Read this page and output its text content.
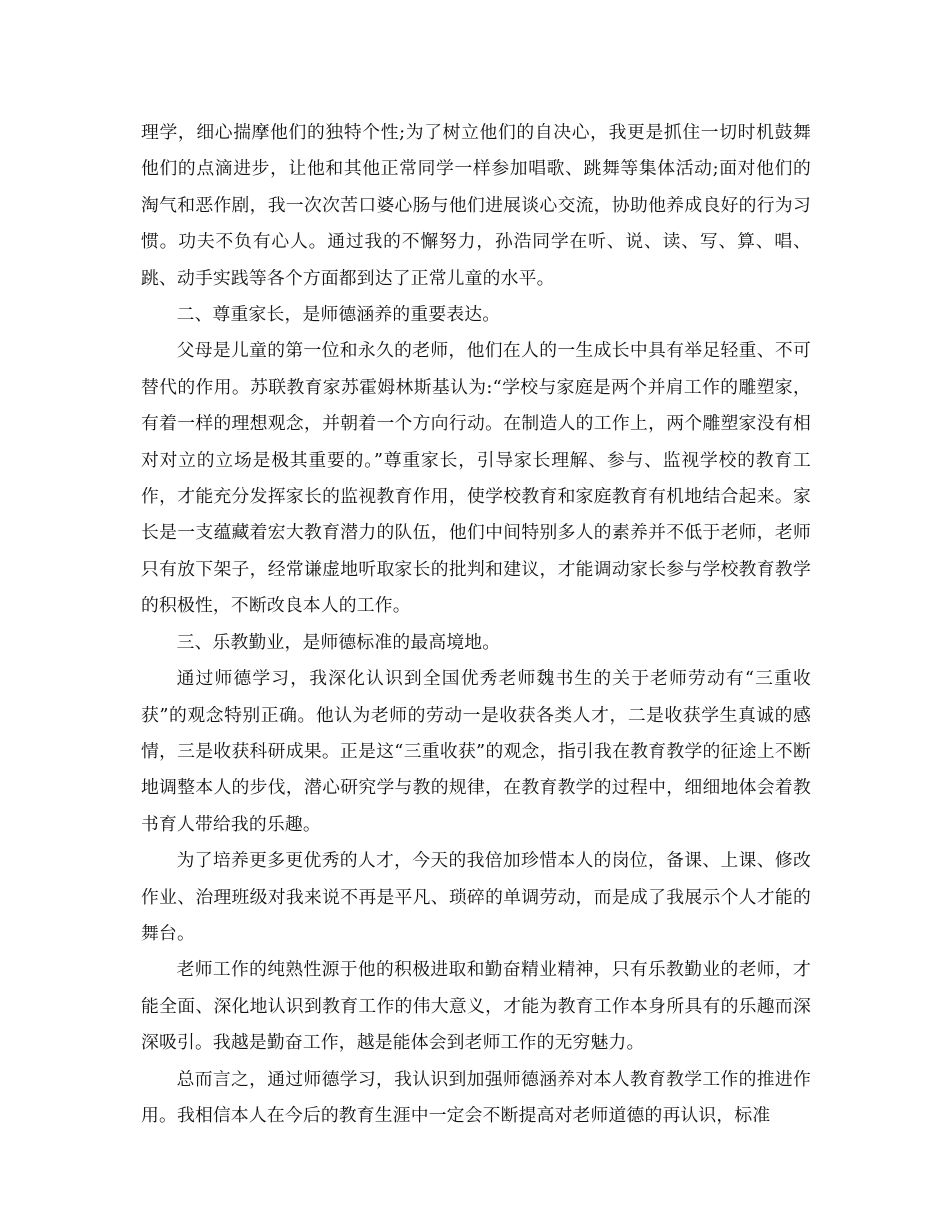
理学，细心揣摩他们的独特个性;为了树立他们的自决心，我更是抓住一切时机鼓舞他们的点滴进步，让他和其他正常同学一样参加唱歌、跳舞等集体活动;面对他们的淘气和恶作剧，我一次次苦口婆心肠与他们进展谈心交流，协助他养成良好的行为习惯。功夫不负有心人。通过我的不懈努力，孙浩同学在听、说、读、写、算、唱、跳、动手实践等各个方面都到达了正常儿童的水平。

二、尊重家长，是师德涵养的重要表达。

父母是儿童的第一位和永久的老师，他们在人的一生成长中具有举足轻重、不可替代的作用。苏联教育家苏霍姆林斯基认为:“学校与家庭是两个并肩工作的雕塑家，有着一样的理想观念，并朝着一个方向行动。在制造人的工作上，两个雕塑家没有相对对立的立场是极其重要的。”尊重家长，引导家长理解、参与、监视学校的教育工作，才能充分发挥家长的监视教育作用，使学校教育和家庭教育有机地结合起来。家长是一支蕴藏着宏大教育潜力的队伍，他们中间特别多人的素养并不低于老师，老师只有放下架子，经常谦虚地听取家长的批判和建议，才能调动家长参与学校教育教学的积极性，不断改良本人的工作。

三、乐教勤业，是师德标准的最高境地。

通过师德学习，我深化认识到全国优秀老师魏书生的关于老师劳动有“三重收获”的观念特别正确。他认为老师的劳动一是收获各类人才，二是收获学生真诚的感情，三是收获科研成果。正是这“三重收获”的观念，指引我在教育教学的征途上不断地调整本人的步伐，潜心研究学与教的规律，在教育教学的过程中，细细地体会着教书育人带给我的乐趣。

为了培养更多更优秀的人才，今天的我倍加珍惜本人的岗位，备课、上课、修改作业、治理班级对我来说不再是平凡、琐碎的单调劳动，而是成了我展示个人才能的舞台。

老师工作的纯熟性源于他的积极进取和勤奋精业精神，只有乐教勤业的老师，才能全面、深化地认识到教育工作的伟大意义，才能为教育工作本身所具有的乐趣而深深吸引。我越是勤奋工作，越是能体会到老师工作的无穷魅力。

总而言之，通过师德学习，我认识到加强师德涵养对本人教育教学工作的推进作用。我相信本人在今后的教育生涯中一定会不断提高对老师道德的再认识，标准
